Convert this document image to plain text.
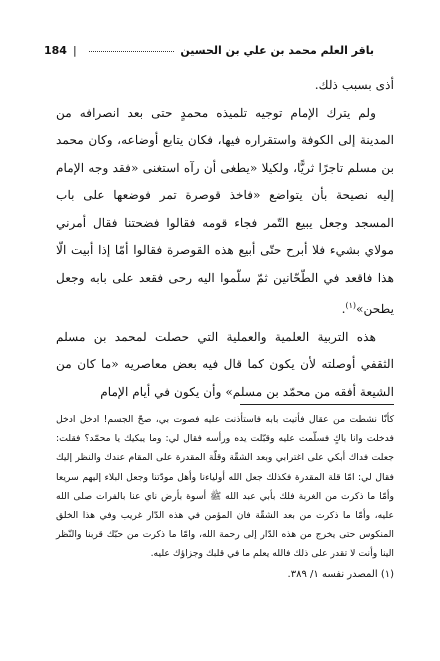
184 |	باقر العلم محمد بن علي بن الحسين

أذى بسبب ذلك.

ولم يترك الإمام توجيه تلميذه محمدٍ حتى بعد انصرافه من المدينة إلى الكوفة واستقراره فيها، فكان يتابع أوضاعه، وكان محمد بن مسلم تاجرًا ثريًّا، ولكيلا «يطغى أن رآه استغنى «فقد وجه الإمام إليه نصيحة بأن يتواضع «فاخذ قوصرة تمر فوضعها على باب المسجد وجعل يبيع التّمر فجاء قومه فقالوا فضحتنا فقال أمرني مولاي بشيء فلا أبرح حتّى أبيع هذه القوصرة فقالوا أمّا إذا أبيت الّا هذا فاقعد في الطّحّانين ثمّ سلّموا اليه رحى فقعد على بابه وجعل يطحن»$^{(١)}$.

هذه التربية العلمية والعملية التي حصلت لمحمد بن مسلم الثقفي أوصلته لأن يكون كما قال فيه بعض معاصريه «ما كان من الشيعة أفقه من محمّد بن مسلم» وأن يكون في أيام الإمام

كأنّا نشطت من عقال فأتيت بابه فاستأذنت عليه فصوت بي، صحّ الجسم! ادخل ادخل فدخلت وانا باكٍ فسلّمت عليه وقبّلت يده ورأسه فقال لي: وما يبكيك يا محمّد؟ فقلت: جعلت فداك أبكي على اغترابي وبعد الشقّة وقلّة المقدرة على المقام عندك والنظر إليك فقال لي: امّا قلة المقدرة فكذلك جعل الله أولياءنا وأهل مودّتنا وجعل البلاء إليهم سريعا وأمّا ما ذكرت من الغربة فلك بأبي عبد الله ﷺ أسوة بأرض ناي عنا بالفرات صلى الله عليه، وأمّا ما ذكرت من بعد الشقّة فان المؤمن في هذه الدّار غريب وفي هذا الخلق المنكوس حتى يخرج من هذه الدّار إلى رحمة الله، وامّا ما ذكرت من حبّك قربنا والنّظر الينا وأنت لا تقدر على ذلك فالله يعلم ما في قلبك وجزاؤك عليه.

(١) المصدر نفسه ١/ ٣٨٩.
